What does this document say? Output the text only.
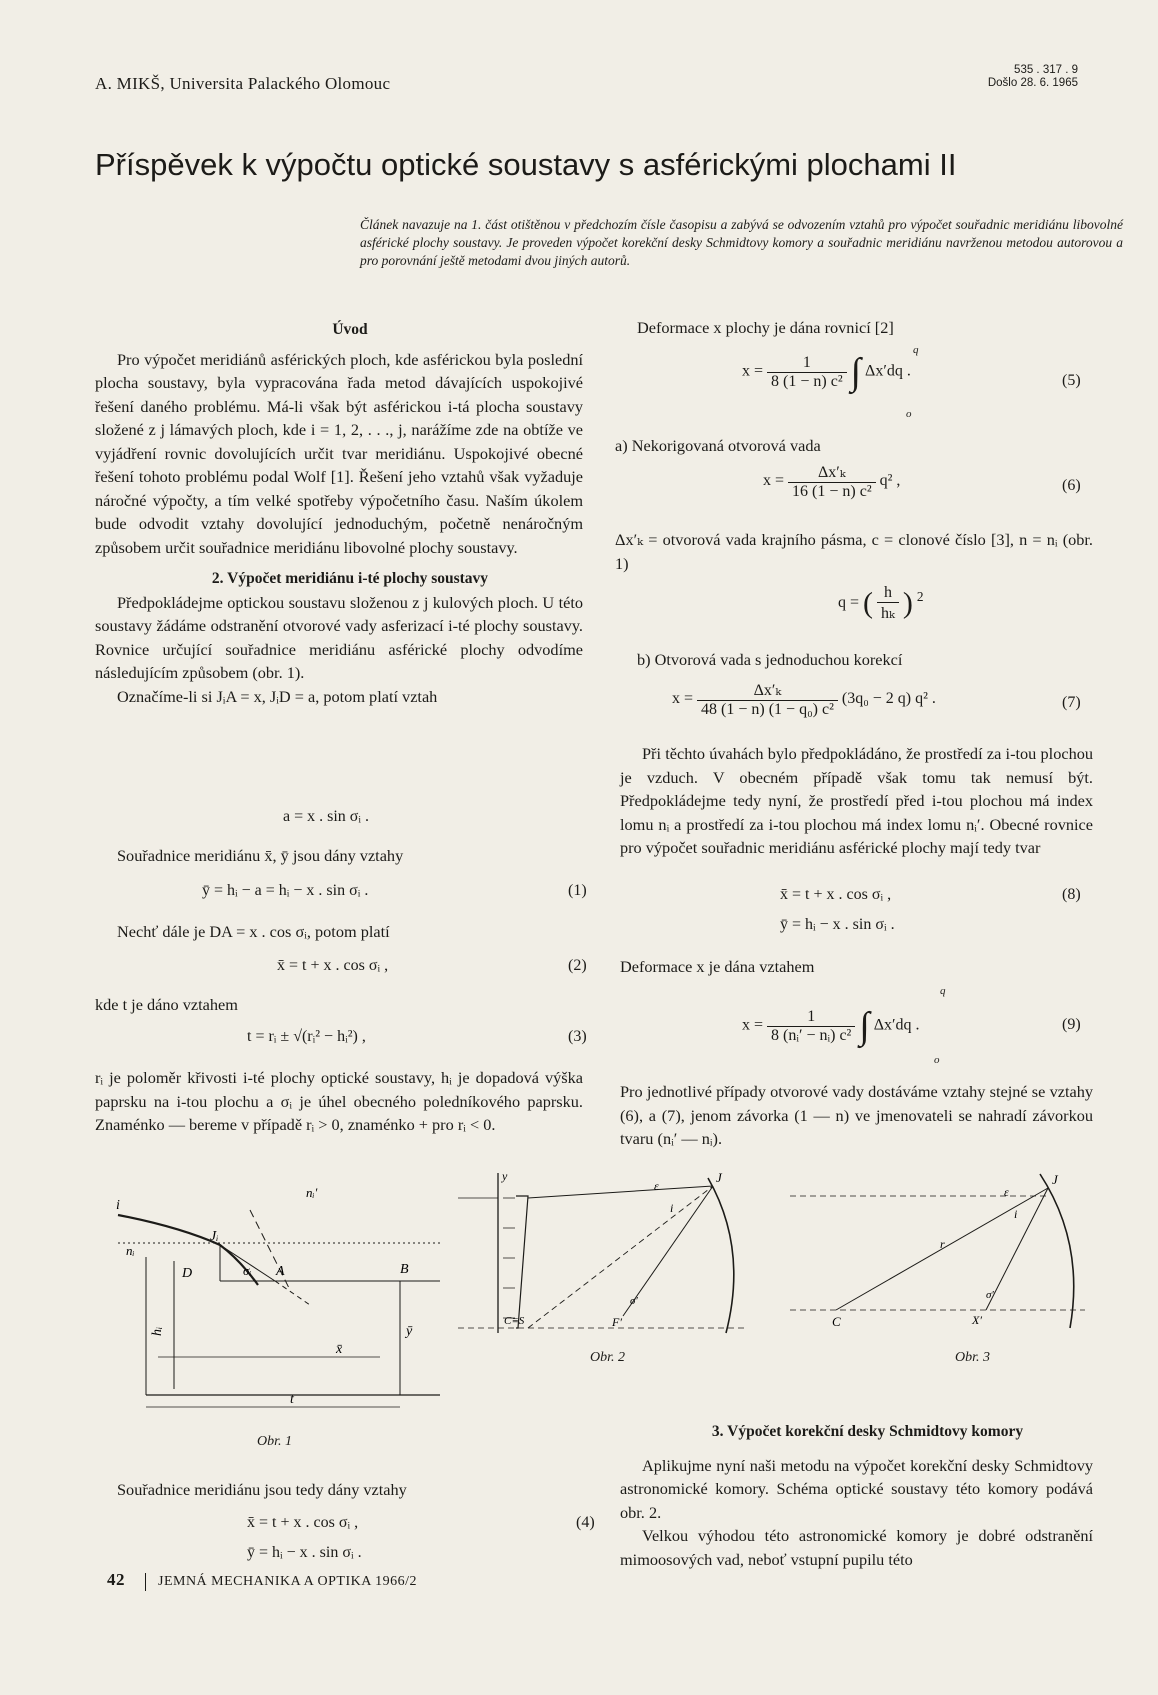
A. MIKŠ, Universita Palackého Olomouc
535 . 317 . 9
Došlo 28. 6. 1965
Příspěvek k výpočtu optické soustavy s asférickými plochami II
Článek navazuje na 1. část otištěnou v předchozím čísle časopisu a zabývá se odvozením vztahů pro výpočet souřadnic meridiánu libovolné asférické plochy soustavy. Je proveden výpočet korekční desky Schmidtovy komory a souřadnic meridiánu navrženou metodou autorovou a pro porovnání ještě metodami dvou jiných autorů.

Úvod

Pro výpočet meridiánů asférických ploch, kde asférickou byla poslední plocha soustavy, byla vypracována řada metod dávajících uspokojivé řešení daného problému. Má-li však být asférickou i-tá plocha soustavy složené z j lámavých ploch, kde i = 1, 2, . . ., j, narážíme zde na obtíže ve vyjádření rovnic dovolujících určit tvar meridiánu. Uspokojivé obecné řešení tohoto problému podal Wolf [1]. Řešení jeho vztahů však vyžaduje náročné výpočty, a tím velké spotřeby výpočetního času. Naším úkolem bude odvodit vztahy dovolující jednoduchým, početně nenáročným způsobem určit souřadnice meridiánu libovolné plochy soustavy.

2. Výpočet meridiánu i-té plochy soustavy

Předpokládejme optickou soustavu složenou z j kulových ploch. U této soustavy žádáme odstranění otvorové vady asferizací i-té plochy soustavy. Rovnice určující souřadnice meridiánu asférické plochy odvodíme následujícím způsobem (obr. 1).

Označíme-li si JᵢA = x, JᵢD = a, potom platí vztah

a = x . sin σᵢ .

Souřadnice meridiánu x̄, ȳ jsou dány vztahy

ȳ = hᵢ − a = hᵢ − x . sin σᵢ .	(1)

Nechť dále je DA = x . cos σᵢ, potom platí

x̄ = t + x . cos σᵢ ,	(2)

kde t je dáno vztahem

t = rᵢ ± √(rᵢ² − hᵢ²) ,	(3)

rᵢ je poloměr křivosti i-té plochy optické soustavy, hᵢ je dopadová výška paprsku na i-tou plochu a σᵢ je úhel obecného poledníkového paprsku. Znaménko — bereme v případě rᵢ > 0, znaménko + pro rᵢ < 0.

i
nᵢ
nᵢ′
Jᵢ
σᵢ A
D	B
hᵢ
x̄
ȳ
t
Obr. 1

Souřadnice meridiánu jsou tedy dány vztahy

x̄ = t + x . cos σᵢ ,
ȳ = hᵢ − x . sin σᵢ .
(4)

Deformace x plochy je dána rovnicí [2]

$x = \frac{1}{\text{8 (1 − n) c²}}$ ∫ Δx′dq .
q
o
(5)

a) Nekorigovaná otvorová vada

$x = \frac{\text{Δx′ₖ}}{\text{16 (1 − n) c²}} q^2$ ,	(6)

Δx′ₖ = otvorová vada krajního pásma, c = clonové číslo [3], n = nᵢ (obr. 1)

q = ( $\frac{h}{\text{hₖ}}$ ) $^2$

b) Otvorová vada s jednoduchou korekcí

$x = \frac{\text{Δx′ₖ}}{\text{48 (1 − n) (1 − q₀) c²}} (3q_0 - 2$ q) q² .	(7)

Při těchto úvahách bylo předpokládáno, že prostředí za i-tou plochou je vzduch. V obecném případě však tomu tak nemusí být. Předpokládejme tedy nyní, že prostředí před i-tou plochou má index lomu nᵢ a prostředí za i-tou plochou má index lomu nᵢ′. Obecné rovnice pro výpočet souřadnic meridiánu asférické plochy mají tedy tvar

x̄ = t + x . cos σᵢ ,
ȳ = hᵢ − x . sin σᵢ .
(8)

Deformace x je dána vztahem

$x = \frac{1}{\text{8 (nᵢ′ − nᵢ) c²}}$ ∫ Δx′dq .
q
o
(9)

Pro jednotlivé případy otvorové vady dostáváme vztahy stejné se vztahy (6), a (7), jenom závorka (1 — n) ve jmenovateli se nahradí závorkou tvaru (nᵢ′ — nᵢ).

y	J
ε
i
F′
σ′
C≡S
Obr. 2
J
ε
i
r
C	X′
σ′
Obr. 3

3. Výpočet korekční desky Schmidtovy komory

Aplikujme nyní naši metodu na výpočet korekční desky Schmidtovy astronomické komory. Schéma optické soustavy této komory podává obr. 2.

Velkou výhodou této astronomické komory je dobré odstranění mimoosových vad, neboť vstupní pupilu této

42 JEMNÁ MECHANIKA A OPTIKA 1966/2
